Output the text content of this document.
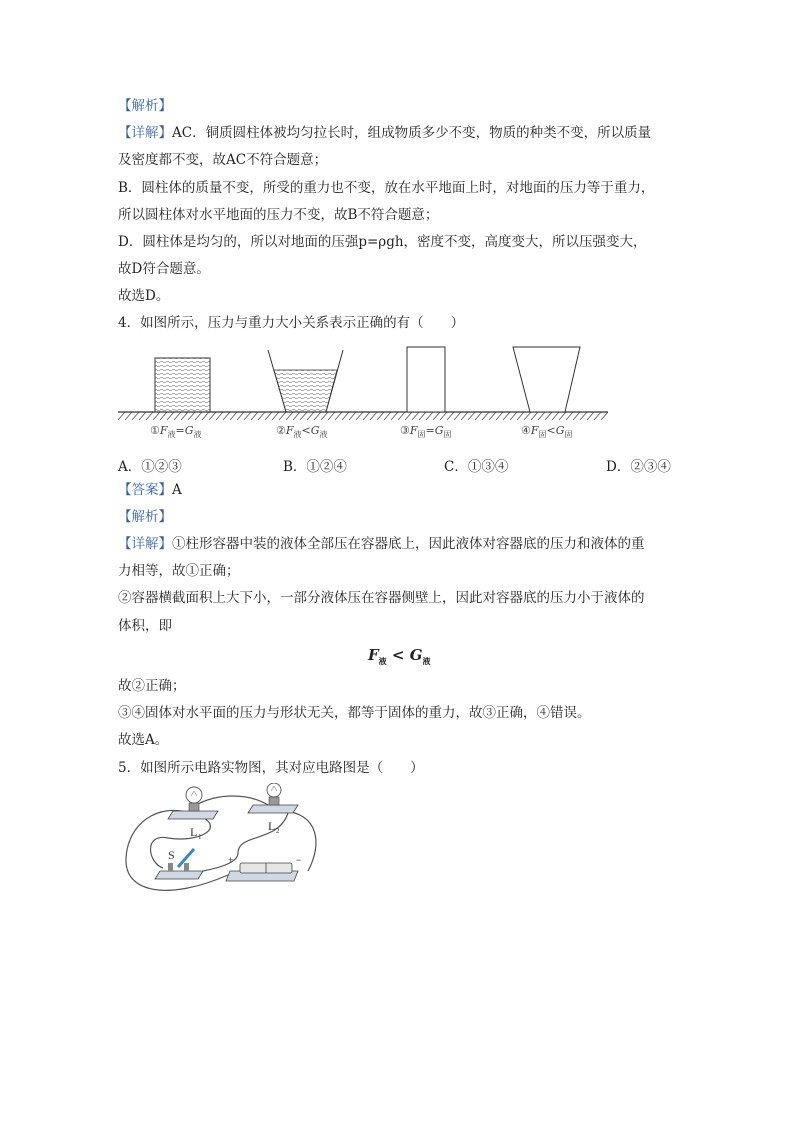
【解析】
【详解】AC．铜质圆柱体被均匀拉长时，组成物质多少不变，物质的种类不变，所以质量
及密度都不变，故AC不符合题意；
B．圆柱体的质量不变，所受的重力也不变，放在水平地面上时，对地面的压力等于重力，
所以圆柱体对水平地面的压力不变，故B不符合题意；
D．圆柱体是均匀的，所以对地面的压强p=ρgh，密度不变，高度变大，所以压强变大，
故D符合题意。
故选D。
4．如图所示，压力与重力大小关系表示正确的有（　　）
$①F_液=G_液$	$②F_液<G_液$	$③F_固=G_固$	$④F_固<G_固$
A．①②③	B．①②④	C．①③④	D．②③④
【答案】A
【解析】
【详解】①柱形容器中装的液体全部压在容器底上，因此液体对容器底的压力和液体的重
力相等，故①正确；
②容器横截面积上大下小，一部分液体压在容器侧壁上，因此对容器底的压力小于液体的
体积，即
$F_液 < G_液$
故②正确；
③④固体对水平面的压力与形状无关，都等于固体的重力，故③正确，④错误。
故选A。
5．如图所示电路实物图，其对应电路图是（　　）
L 1
L 2
S	+	−
